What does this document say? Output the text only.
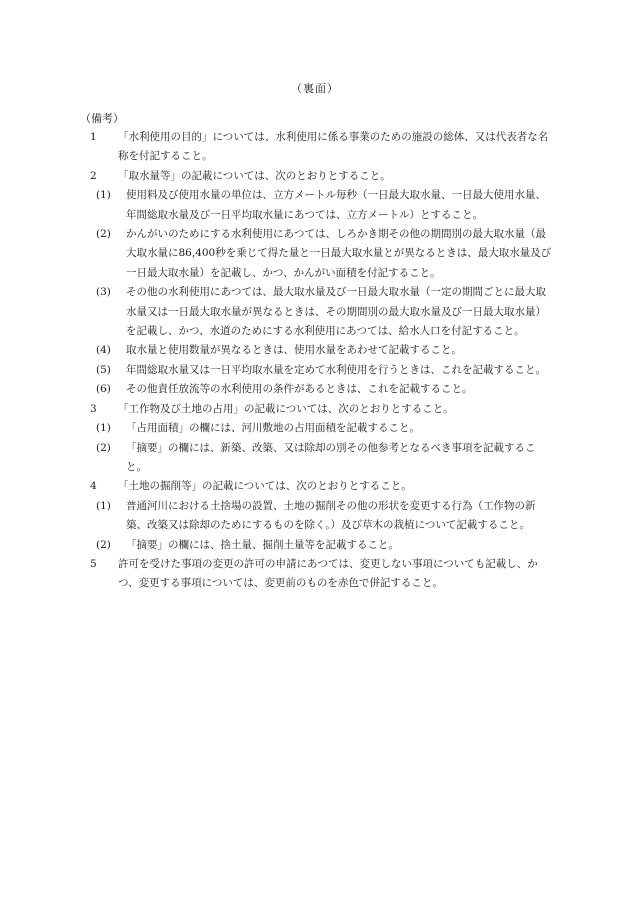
（裏面）
（備考）
1	「水利使用の目的」については、水利使用に係る事業のための施設の総体、又は代表者な名称を付記すること。
2	「取水量等」の記載については、次のとおりとすること。
(1)	使用料及び使用水量の単位は、立方メートル毎秒（一日最大取水量、一日最大使用水量、年間総取水量及び一日平均取水量にあつては、立方メートル）とすること。
(2)	かんがいのためにする水利使用にあつては、しろかき期その他の期間別の最大取水量（最大取水量に86,400秒を乗じて得た量と一日最大取水量とが異なるときは、最大取水量及び一日最大取水量）を記載し、かつ、かんがい面積を付記すること。
(3)	その他の水利使用にあつては、最大取水量及び一日最大取水量（一定の期間ごとに最大取水量又は一日最大取水量が異なるときは、その期間別の最大取水量及び一日最大取水量）を記載し、かつ、水道のためにする水利使用にあつては、給水人口を付記すること。
(4)	取水量と使用数量が異なるときは、使用水量をあわせて記載すること。
(5)	年間総取水量又は一日平均取水量を定めて水利使用を行うときは、これを記載すること。
(6)	その他責任放流等の水利使用の条件があるときは、これを記載すること。
3	「工作物及び土地の占用」の記載については、次のとおりとすること。
(1)	「占用面積」の欄には、河川敷地の占用面積を記載すること。
(2)	「摘要」の欄には、新築、改築、又は除却の別その他参考となるべき事項を記載すること。
4	「土地の掘削等」の記載については、次のとおりとすること。
(1)	普通河川における土捨場の設置、土地の掘削その他の形状を変更する行為（工作物の新築、改築又は除却のためにするものを除く。）及び草木の栽植について記載すること。
(2)	「摘要」の欄には、捨土量、掘削土量等を記載すること。
5	許可を受けた事項の変更の許可の申請にあつては、変更しない事項についても記載し、かつ、変更する事項については、変更前のものを赤色で併記すること。
